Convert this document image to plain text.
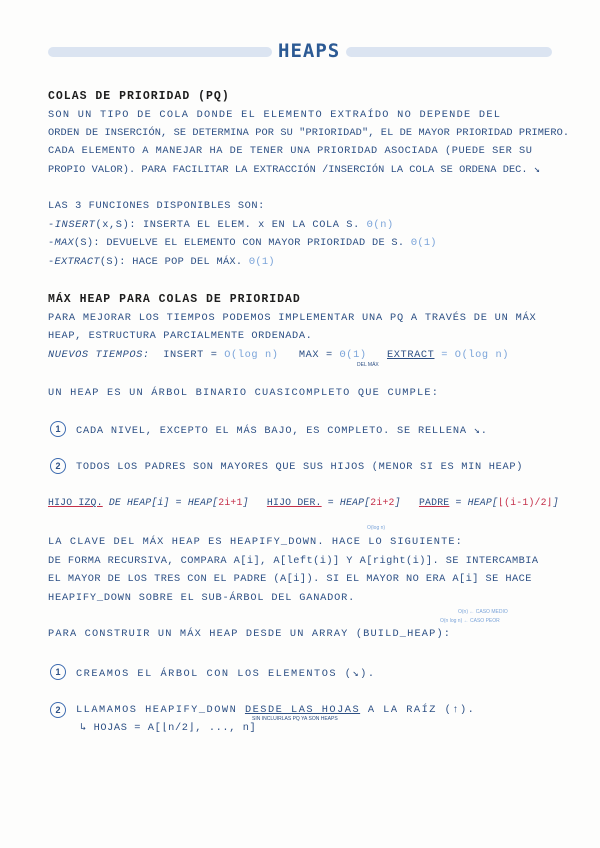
HEAPS
COLAS DE PRIORIDAD (PQ)
SON UN TIPO DE COLA DONDE EL ELEMENTO EXTRAÍDO NO DEPENDE DEL
ORDEN DE INSERCIÓN, SE DETERMINA POR SU "PRIORIDAD", EL DE MAYOR PRIORIDAD PRIMERO.
CADA ELEMENTO A MANEJAR HA DE TENER UNA PRIORIDAD ASOCIADA (PUEDE SER SU
PROPIO VALOR). PARA FACILITAR LA EXTRACCIÓN /INSERCIÓN LA COLA SE ORDENA DEC. ↘
LAS 3 FUNCIONES DISPONIBLES SON:
-INSERT(x,S): INSERTA EL ELEM. x EN LA COLA S. Θ(n)
-MAX(S): DEVUELVE EL ELEMENTO CON MAYOR PRIORIDAD DE S. Θ(1)
-EXTRACT(S): HACE POP DEL MÁX. Θ(1)
MÁX HEAP PARA COLAS DE PRIORIDAD
PARA MEJORAR LOS TIEMPOS PODEMOS IMPLEMENTAR UNA PQ A TRAVÉS DE UN MÁX
HEAP, ESTRUCTURA PARCIALMENTE ORDENADA.
NUEVOS TIEMPOS: INSERT = O(log n) MAX = Θ(1) EXTRACT = O(log n)
DEL MÁX
UN HEAP ES UN ÁRBOL BINARIO CUASICOMPLETO QUE CUMPLE:
1	CADA NIVEL, EXCEPTO EL MÁS BAJO, ES COMPLETO. SE RELLENA ↘.
2	TODOS LOS PADRES SON MAYORES QUE SUS HIJOS (MENOR SI ES MIN HEAP)
HIJO IZQ. DE HEAP[i] = HEAP[2i+1] HIJO DER. = HEAP[2i+2] PADRE = HEAP[⌊(i-1)/2⌋]
O(log n)
LA CLAVE DEL MÁX HEAP ES HEAPIFY_DOWN. HACE LO SIGUIENTE:
DE FORMA RECURSIVA, COMPARA A[i], A[left(i)] Y A[right(i)]. SE INTERCAMBIA
EL MAYOR DE LOS TRES CON EL PADRE (A[i]). SI EL MAYOR NO ERA A[i] SE HACE
HEAPIFY_DOWN SOBRE EL SUB-ÁRBOL DEL GANADOR.
O(n) ← CASO MEDIO
O(n log n) ← CASO PEOR
PARA CONSTRUIR UN MÁX HEAP DESDE UN ARRAY (BUILD_HEAP):
1	CREAMOS EL ÁRBOL CON LOS ELEMENTOS (↘).
2	LLAMAMOS HEAPIFY_DOWN DESDE LAS HOJAS A LA RAÍZ (↑).
SIN INCLUIRLAS PQ YA SON HEAPS
↳ HOJAS = A[⌊n/2⌋, ..., n]
